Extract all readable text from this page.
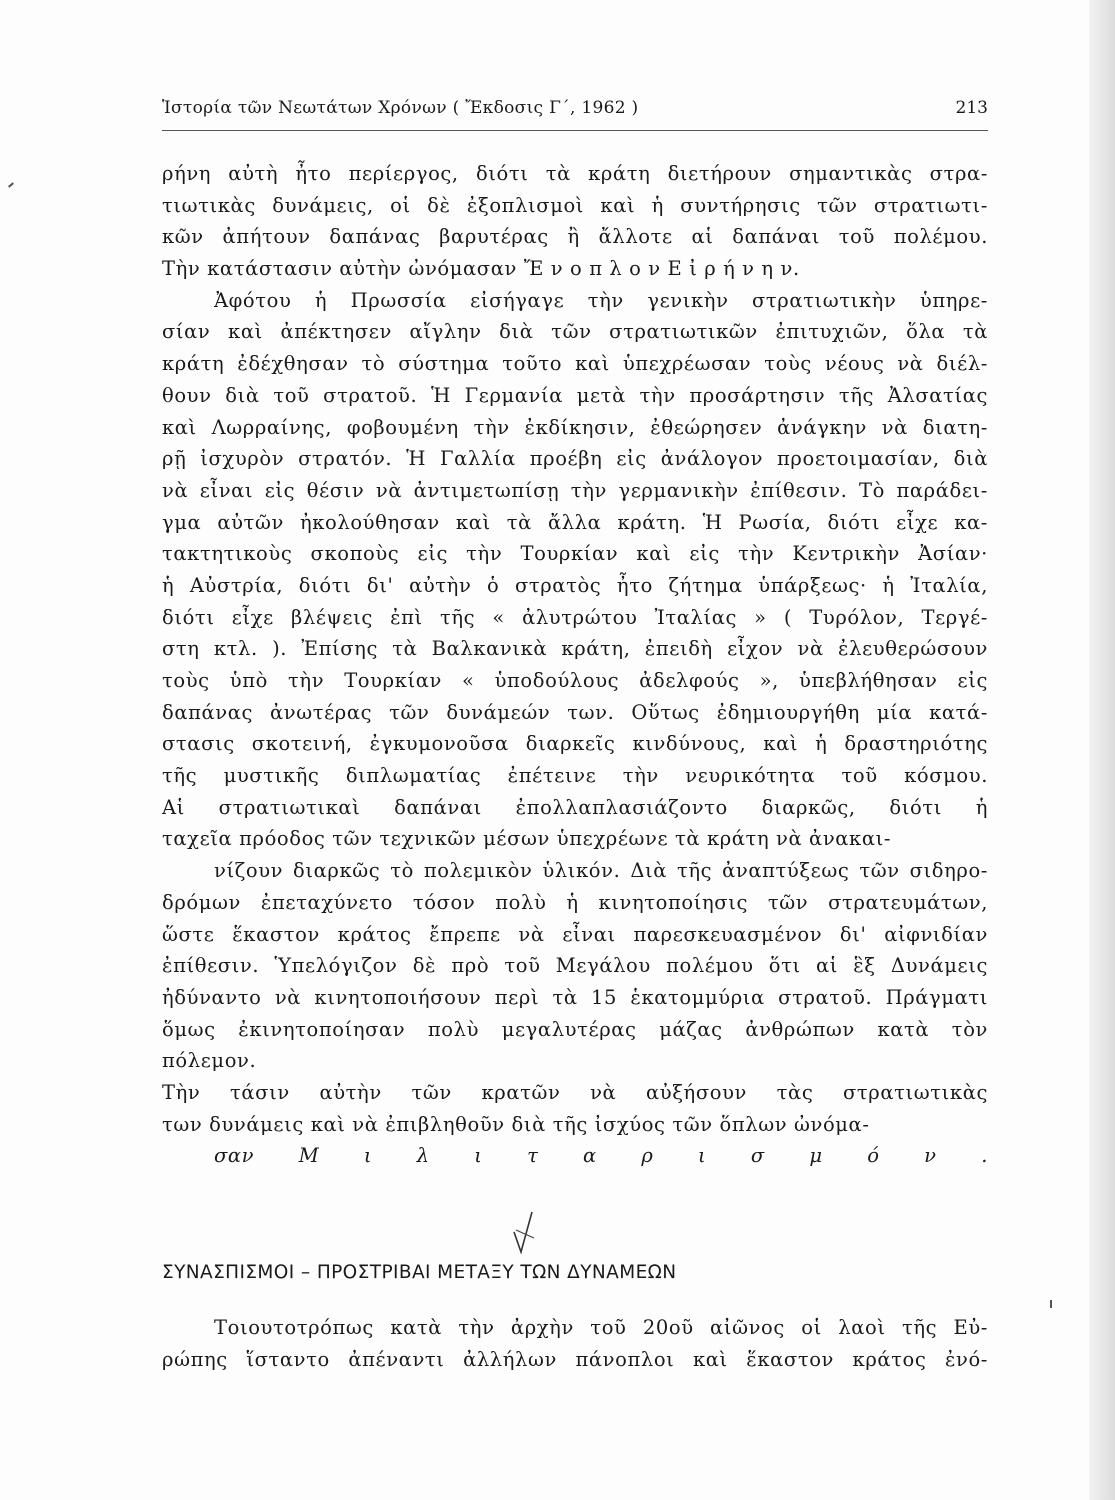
Ἱστορία τῶν Νεωτάτων Χρόνων ( Ἔκδοσις Γ΄, 1962 )	213
ρήνη αὐτὴ ἦτο περίεργος, διότι τὰ κράτη διετήρουν σημαντικὰς στρα-
τιωτικὰς δυνάμεις, οἱ δὲ ἐξοπλισμοὶ καὶ ἡ συντήρησις τῶν στρατιωτι-
κῶν ἀπήτουν δαπάνας βαρυτέρας ἢ ἄλλοτε αἱ δαπάναι τοῦ πολέμου.
Τὴν κατάστασιν αὐτὴν ὠνόμασαν Ἔ ν ο π λ ο ν Ε ἰ ρ ή ν η ν.
Ἀφότου ἡ Πρωσσία εἰσήγαγε τὴν γενικὴν στρατιωτικὴν ὑπηρε-
σίαν καὶ ἀπέκτησεν αἴγλην διὰ τῶν στρατιωτικῶν ἐπιτυχιῶν, ὅλα τὰ
κράτη ἐδέχθησαν τὸ σύστημα τοῦτο καὶ ὑπεχρέωσαν τοὺς νέους νὰ διέλ-
θουν διὰ τοῦ στρατοῦ. Ἡ Γερμανία μετὰ τὴν προσάρτησιν τῆς Ἀλσατίας
καὶ Λωρραίνης, φοβουμένη τὴν ἐκδίκησιν, ἐθεώρησεν ἀνάγκην νὰ διατη-
ρῇ ἰσχυρὸν στρατόν. Ἡ Γαλλία προέβη εἰς ἀνάλογον προετοιμασίαν, διὰ
νὰ εἶναι εἰς θέσιν νὰ ἀντιμετωπίσῃ τὴν γερμανικὴν ἐπίθεσιν. Τὸ παράδει-
γμα αὐτῶν ἠκολούθησαν καὶ τὰ ἄλλα κράτη. Ἡ Ρωσία, διότι εἶχε κα-
τακτητικοὺς σκοποὺς εἰς τὴν Τουρκίαν καὶ εἰς τὴν Κεντρικὴν Ἀσίαν·
ἡ Αὐστρία, διότι δι' αὐτὴν ὁ στρατὸς ἦτο ζήτημα ὑπάρξεως· ἡ Ἰταλία,
διότι εἶχε βλέψεις ἐπὶ τῆς « ἀλυτρώτου Ἰταλίας » ( Τυρόλον, Τεργέ-
στη κτλ. ). Ἐπίσης τὰ Βαλκανικὰ κράτη, ἐπειδὴ εἶχον νὰ ἐλευθερώσουν
τοὺς ὑπὸ τὴν Τουρκίαν « ὑποδούλους ἀδελφούς », ὑπεβλήθησαν εἰς
δαπάνας ἀνωτέρας τῶν δυνάμεών των. Οὕτως ἐδημιουργήθη μία κατά-
στασις σκοτεινή, ἐγκυμονοῦσα διαρκεῖς κινδύνους, καὶ ἡ δραστηριότης
τῆς μυστικῆς διπλωματίας ἐπέτεινε τὴν νευρικότητα τοῦ κόσμου.
Αἱ στρατιωτικαὶ δαπάναι ἐπολλαπλασιάζοντο διαρκῶς, διότι ἡ
ταχεῖα πρόοδος τῶν τεχνικῶν μέσων ὑπεχρέωνε τὰ κράτη νὰ ἀνακαι-
νίζουν διαρκῶς τὸ πολεμικὸν ὑλικόν. Διὰ τῆς ἀναπτύξεως τῶν σιδηρο-
δρόμων ἐπεταχύνετο τόσον πολὺ ἡ κινητοποίησις τῶν στρατευμάτων,
ὥστε ἕκαστον κράτος ἔπρεπε νὰ εἶναι παρεσκευασμένον δι' αἰφνιδίαν
ἐπίθεσιν. Ὑπελόγιζον δὲ πρὸ τοῦ Μεγάλου πολέμου ὅτι αἱ ἓξ Δυνάμεις
ἠδύναντο νὰ κινητοποιήσουν περὶ τὰ 15 ἑκατομμύρια στρατοῦ. Πράγματι
ὅμως ἐκινητοποίησαν πολὺ μεγαλυτέρας μάζας ἀνθρώπων κατὰ τὸν
πόλεμον.
Τὴν τάσιν αὐτὴν τῶν κρατῶν νὰ αὐξήσουν τὰς στρατιωτικὰς
των δυνάμεις καὶ νὰ ἐπιβληθοῦν διὰ τῆς ἰσχύος τῶν ὅπλων ὠνόμα-
σαν Μ ι λ ι τ α ρ ι σ μ ό ν .
ΣΥΝΑΣΠΙΣΜΟΙ – ΠΡΟΣΤΡΙΒΑΙ ΜΕΤΑΞΥ ΤΩΝ ΔΥΝΑΜΕΩΝ
Τοιουτοτρόπως κατὰ τὴν ἀρχὴν τοῦ 20οῦ αἰῶνος οἱ λαοὶ τῆς Εὐ-
ρώπης ἵσταντο ἀπέναντι ἀλλήλων πάνοπλοι καὶ ἕκαστον κράτος ἐνό-
